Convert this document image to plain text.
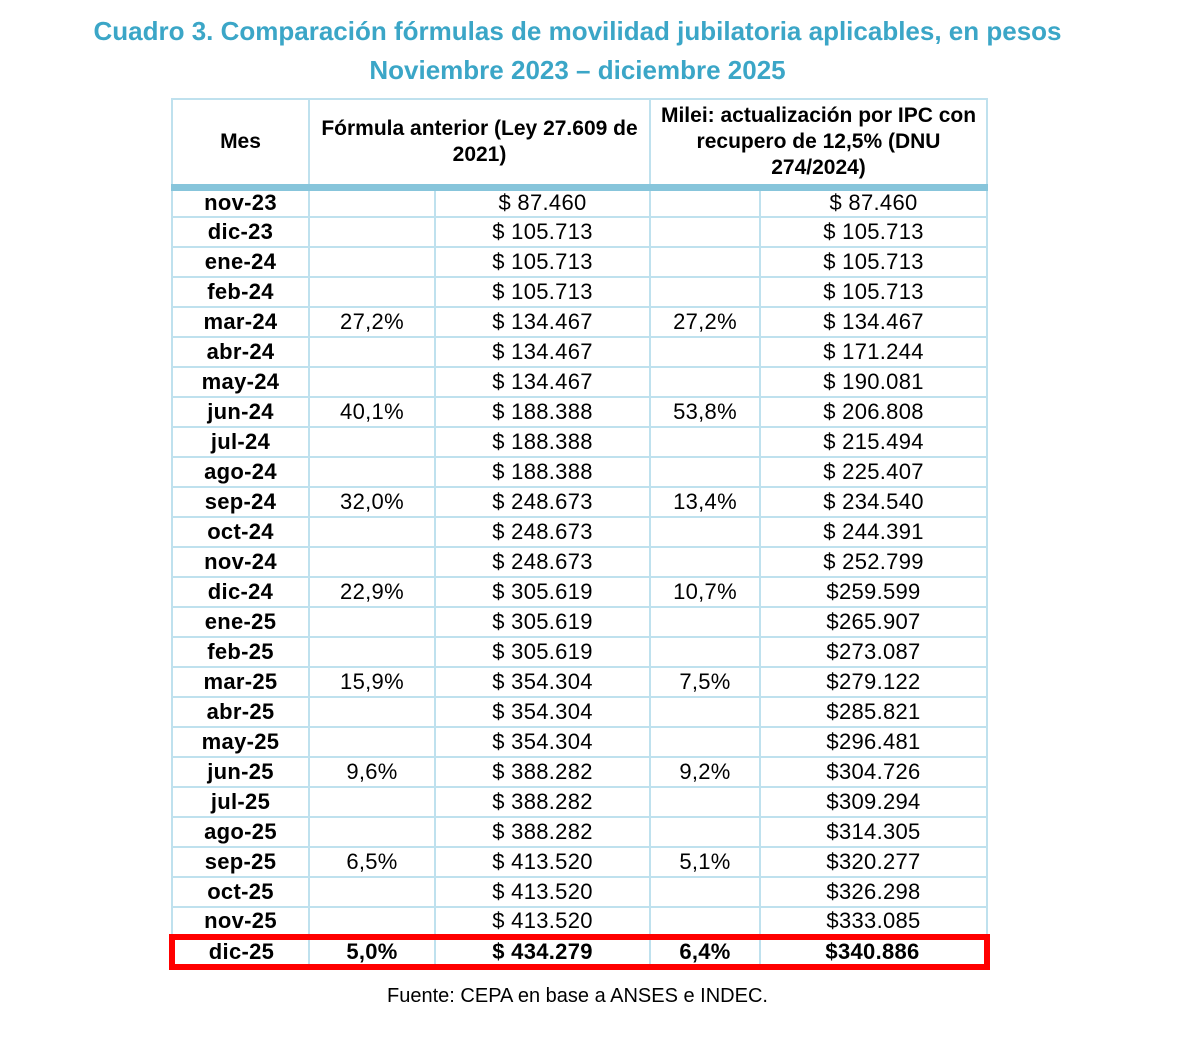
Cuadro 3. Comparación fórmulas de movilidad jubilatoria aplicables, en pesos
Noviembre 2023 – diciembre 2025
Mes	Fórmula anterior (Ley 27.609 de 2021)		Milei: actualización por IPC con recupero de 12,5% (DNU 274/2024)	
nov-23		$ 87.460		$ 87.460
dic-23		$ 105.713		$ 105.713
ene-24		$ 105.713		$ 105.713
feb-24		$ 105.713		$ 105.713
mar-24	27,2%	$ 134.467	27,2%	$ 134.467
abr-24		$ 134.467		$ 171.244
may-24		$ 134.467		$ 190.081
jun-24	40,1%	$ 188.388	53,8%	$ 206.808
jul-24		$ 188.388		$ 215.494
ago-24		$ 188.388		$ 225.407
sep-24	32,0%	$ 248.673	13,4%	$ 234.540
oct-24		$ 248.673		$ 244.391
nov-24		$ 248.673		$ 252.799
dic-24	22,9%	$ 305.619	10,7%	$259.599
ene-25		$ 305.619		$265.907
feb-25		$ 305.619		$273.087
mar-25	15,9%	$ 354.304	7,5%	$279.122
abr-25		$ 354.304		$285.821
may-25		$ 354.304		$296.481
jun-25	9,6%	$ 388.282	9,2%	$304.726
jul-25		$ 388.282		$309.294
ago-25		$ 388.282		$314.305
sep-25	6,5%	$ 413.520	5,1%	$320.277
oct-25		$ 413.520		$326.298
nov-25		$ 413.520		$333.085
dic-25	5,0%	$ 434.279	6,4%	$340.886
Fuente: CEPA en base a ANSES e INDEC.
